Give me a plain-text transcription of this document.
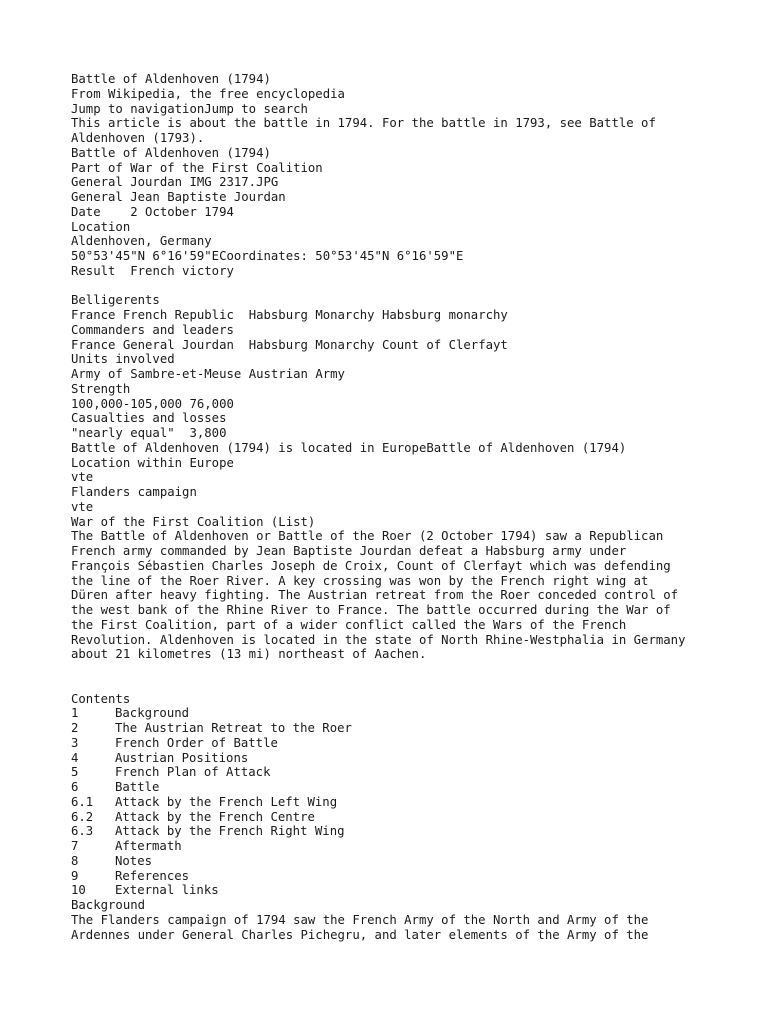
Battle of Aldenhoven (1794)
From Wikipedia, the free encyclopedia
Jump to navigationJump to search
This article is about the battle in 1794. For the battle in 1793, see Battle of
Aldenhoven (1793).
Battle of Aldenhoven (1794)
Part of War of the First Coalition
General Jourdan IMG 2317.JPG
General Jean Baptiste Jourdan
Date	2 October 1794
Location
Aldenhoven, Germany
50°53'45"N 6°16'59"ECoordinates: 50°53'45"N 6°16'59"E
Result	French victory
Belligerents
France French Republic	Habsburg Monarchy Habsburg monarchy
Commanders and leaders
France General Jourdan	Habsburg Monarchy Count of Clerfayt
Units involved
Army of Sambre-et-Meuse	Austrian Army
Strength
100,000-105,000	76,000
Casualties and losses
"nearly equal"	3,800
Battle of Aldenhoven (1794) is located in EuropeBattle of Aldenhoven (1794)
Location within Europe
vte
Flanders campaign
vte
War of the First Coalition (List)
The Battle of Aldenhoven or Battle of the Roer (2 October 1794) saw a Republican
French army commanded by Jean Baptiste Jourdan defeat a Habsburg army under
François Sébastien Charles Joseph de Croix, Count of Clerfayt which was defending
the line of the Roer River. A key crossing was won by the French right wing at
Düren after heavy fighting. The Austrian retreat from the Roer conceded control of
the west bank of the Rhine River to France. The battle occurred during the War of
the First Coalition, part of a wider conflict called the Wars of the French
Revolution. Aldenhoven is located in the state of North Rhine-Westphalia in Germany
about 21 kilometres (13 mi) northeast of Aachen.
Contents
1	Background
2	The Austrian Retreat to the Roer
3	French Order of Battle
4	Austrian Positions
5	French Plan of Attack
6	Battle
6.1	Attack by the French Left Wing
6.2	Attack by the French Centre
6.3	Attack by the French Right Wing
7	Aftermath
8	Notes
9	References
10	External links
Background
The Flanders campaign of 1794 saw the French Army of the North and Army of the
Ardennes under General Charles Pichegru, and later elements of the Army of the
